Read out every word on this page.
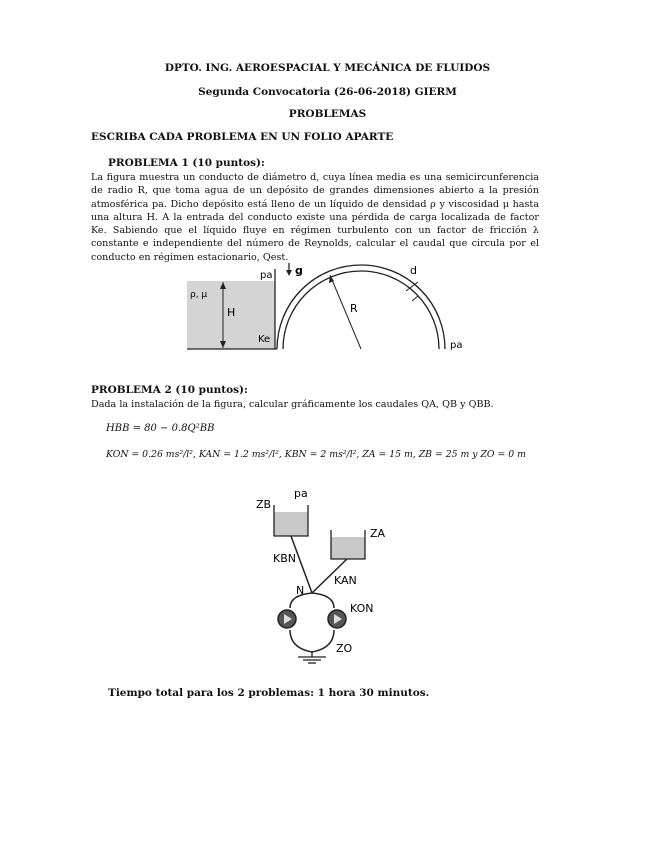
DPTO. ING. AEROESPACIAL Y MECÁNICA DE FLUIDOS
Segunda Convocatoria (26-06-2018) GIERM
PROBLEMAS
ESCRIBA CADA PROBLEMA EN UN FOLIO APARTE
PROBLEMA 1 (10 puntos):
La figura muestra un conducto de diámetro d, cuya línea media es una semicircunferencia de radio R, que toma agua de un depósito de grandes dimensiones abierto a la presión atmosférica pa. Dicho depósito está lleno de un líquido de densidad ρ y viscosidad μ hasta una altura H. A la entrada del conducto existe una pérdida de carga localizada de factor Ke. Sabiendo que el líquido fluye en régimen turbulento con un factor de fricción λ constante e independiente del número de Reynolds, calcular el caudal que circula por el conducto en régimen estacionario, Qest.
pa g	d
ρ, μ
H	R
Ke
pa
PROBLEMA 2 (10 puntos):
Dada la instalación de la figura, calcular gráficamente los caudales QA, QB y QBB.
HBB = 80 − 0.8Q²BB
KON = 0.26 ms²/l², KAN = 1.2 ms²/l², KBN = 2 ms²/l², ZA = 15 m, ZB = 25 m y ZO = 0 m
ZB
pa
ZA
KBN
KAN
N
KON
ZO
Tiempo total para los 2 problemas: 1 hora 30 minutos.
